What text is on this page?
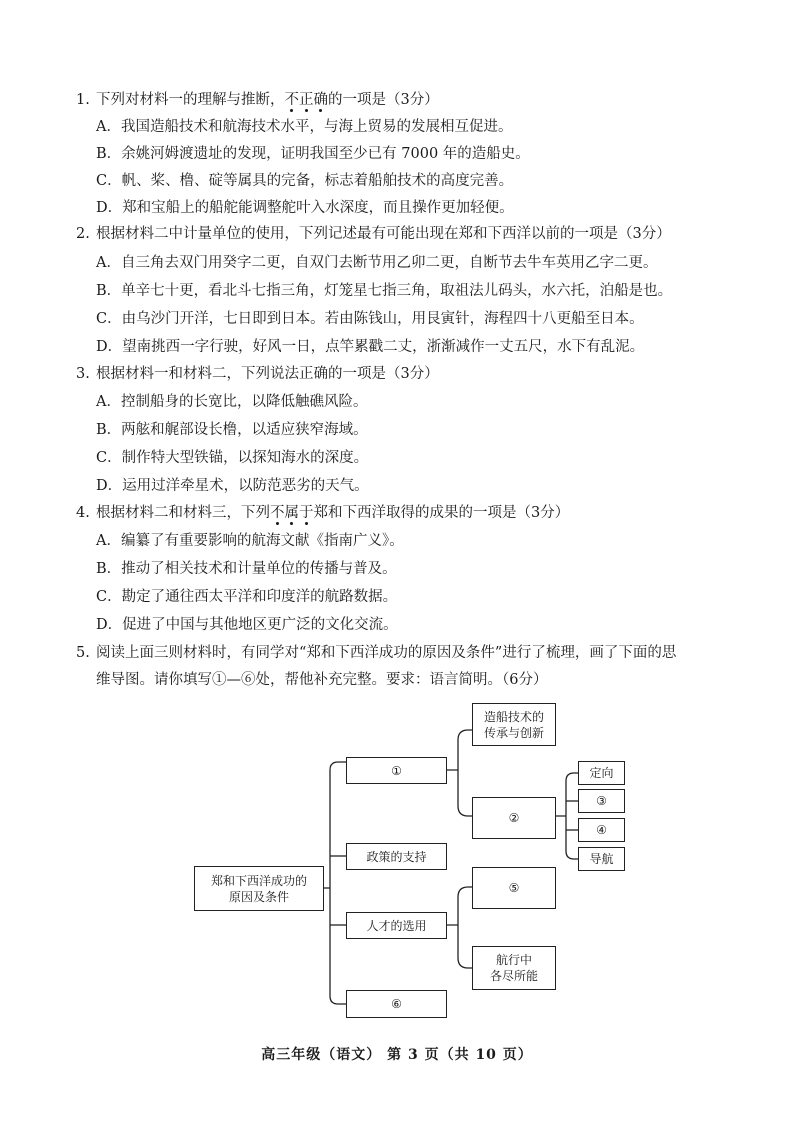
1. 下列对材料一的理解与推断，不正确的一项是（3分）
A．我国造船技术和航海技术水平，与海上贸易的发展相互促进。
B．余姚河姆渡遗址的发现，证明我国至少已有 7000 年的造船史。
C．帆、桨、橹、碇等属具的完备，标志着船舶技术的高度完善。
D．郑和宝船上的船舵能调整舵叶入水深度，而且操作更加轻便。
2. 根据材料二中计量单位的使用，下列记述最有可能出现在郑和下西洋以前的一项是（3分）
A．自三角去双门用癸字二更，自双门去断节用乙卯二更，自断节去牛车英用乙字二更。
B．单辛七十更，看北斗七指三角，灯笼星七指三角，取祖法儿码头，水六托，泊船是也。
C．由乌沙门开洋，七日即到日本。若由陈钱山，用艮寅针，海程四十八更船至日本。
D．望南挑西一字行驶，好风一日，点竿累戳二丈，浙渐减作一丈五尺，水下有乱泥。
3. 根据材料一和材料二，下列说法正确的一项是（3分）
A．控制船身的长宽比，以降低触礁风险。
B．两舷和艉部设长橹，以适应狭窄海域。
C．制作特大型铁锚，以探知海水的深度。
D．运用过洋牵星术，以防范恶劣的天气。
4. 根据材料二和材料三，下列不属于郑和下西洋取得的成果的一项是（3分）
A．编纂了有重要影响的航海文献《指南广义》。
B．推动了相关技术和计量单位的传播与普及。
C．勘定了通往西太平洋和印度洋的航路数据。
D．促进了中国与其他地区更广泛的文化交流。
5. 阅读上面三则材料时，有同学对“郑和下西洋成功的原因及条件”进行了梳理，画了下面的思
维导图。请你填写①—⑥处，帮他补充完整。要求：语言简明。（6分）
郑和下西洋成功的
原因及条件
①
政策的支持
人才的选用
⑥
造船技术的
传承与创新
②
定向
③
④
导航
⑤
航行中
各尽所能
高三年级（语文） 第 3 页（共 10 页）
